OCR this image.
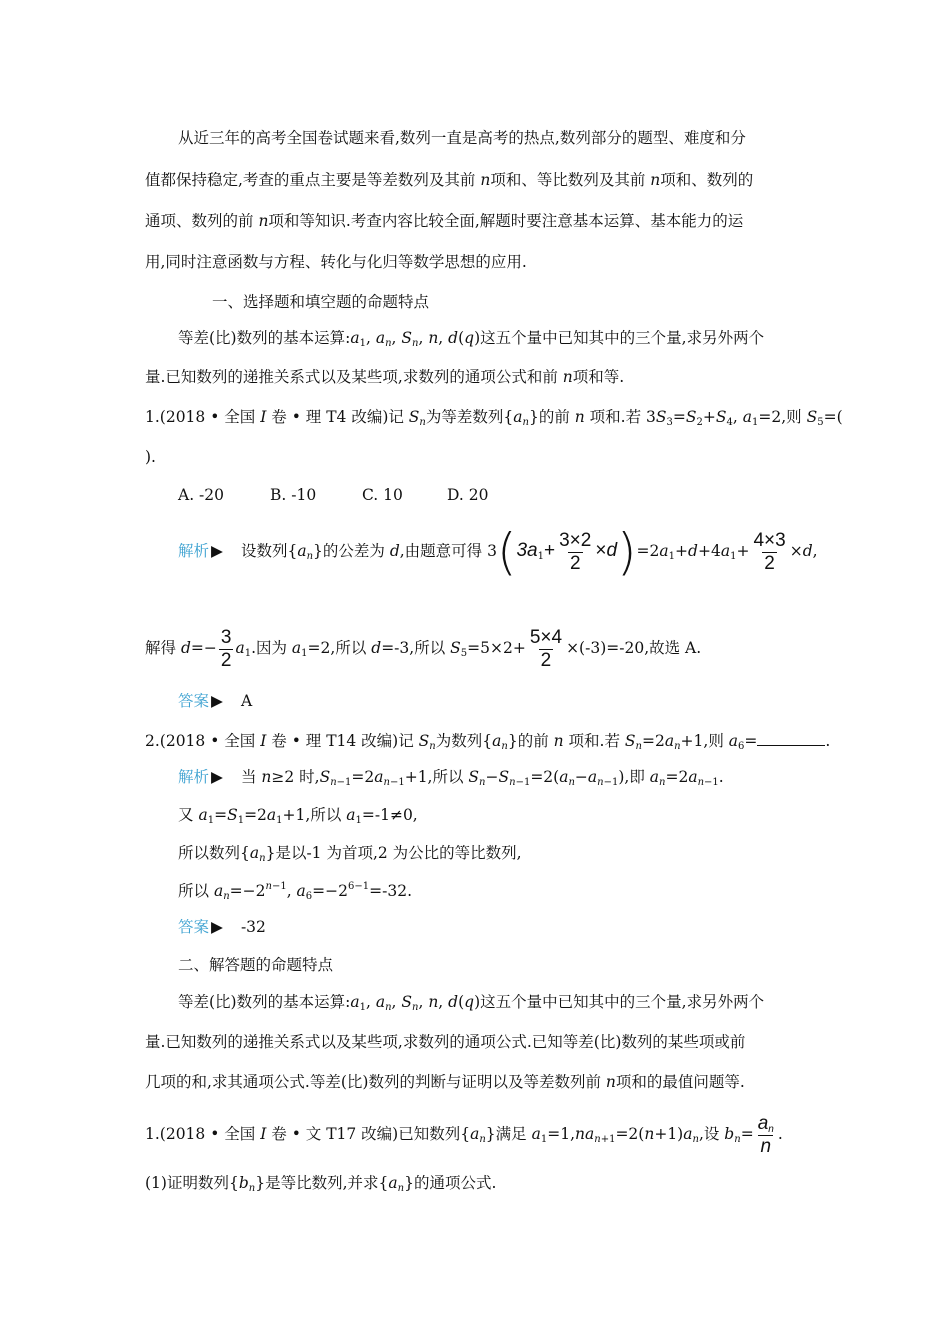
从近三年的高考全国卷试题来看,数列一直是高考的热点,数列部分的题型、难度和分
值都保持稳定,考查的重点主要是等差数列及其前 n项和、等比数列及其前 n项和、数列的
通项、数列的前 n项和等知识.考查内容比较全面,解题时要注意基本运算、基本能力的运
用,同时注意函数与方程、转化与化归等数学思想的应用.
一、选择题和填空题的命题特点
等差(比)数列的基本运算$:a_1$, $a_n$, $S_n$, n, d(q)这五个量中已知其中的三个量,求另外两个
量.已知数列的递推关系式以及某些项,求数列的通项公式和前 n项和等.
1.(2018 • 全国 I 卷 • 理 T4 改编)记 $S_n$为等差数列$\{a_n\}$的前 n 项和.若 $3S_3=S_2+S_4$, $a_1=2$,则 $S_5=$(
).
A. -20	B. -10	C. 10	D. 20
解析 ▶ 设数列$\{a_n\}$的公差为 d,由题意可得 $3(3a_1+ \frac{3\times 2}{2} \times d)=2a_1+d+4a_1+ \frac{4\times 3}{2} \times d$,
解得 $d=- \frac{3}{2} a_1$.因为 $a_1=2$,所以 d=-3,所以 $S_5=5\times 2+ \frac{5\times 4}{2} \times(-3)=-20$,故选 A.
答案 ▶ A
2.(2018 • 全国 I 卷 • 理 T14 改编)记 $S_n$为数列$\{a_n\}$的前 n 项和.若 $S_n=2a_n+1$,则 $a_6=$	.
解析 ▶ 当 n≥2 时$,S_{n-1}=2a_{n-1}+1$,所以 $S_n-S_{n-1}=2(a_n-a_{n-1})$,即 $a_n=2a_{n-1}$.
又 $a_1=S_1=2a_1+1$,所以 $a_1=-1\ne 0$,
所以数列$\{a_n\}$是以-1 为首项,2 为公比的等比数列,
所以 $a_n=-2^{n-1}$, $a_6=-2^{6-1}=-32$.
答案 ▶ -32
二、解答题的命题特点
等差(比)数列的基本运算$:a_1$, $a_n$, $S_n$, n, d(q)这五个量中已知其中的三个量,求另外两个
量.已知数列的递推关系式以及某些项,求数列的通项公式.已知等差(比)数列的某些项或前
几项的和,求其通项公式.等差(比)数列的判断与证明以及等差数列前 n项和的最值问题等.
1.(2018 • 全国 I 卷 • 文 T17 改编)已知数列$\{a_n\}$满足 $a_1=1,na_{n+1}=2(n+1)a_n$,设 $b_n= \frac{a_n}{n}$ .
(1)证明数列$\{b_n\}$是等比数列,并求$\{a_n\}$的通项公式.
